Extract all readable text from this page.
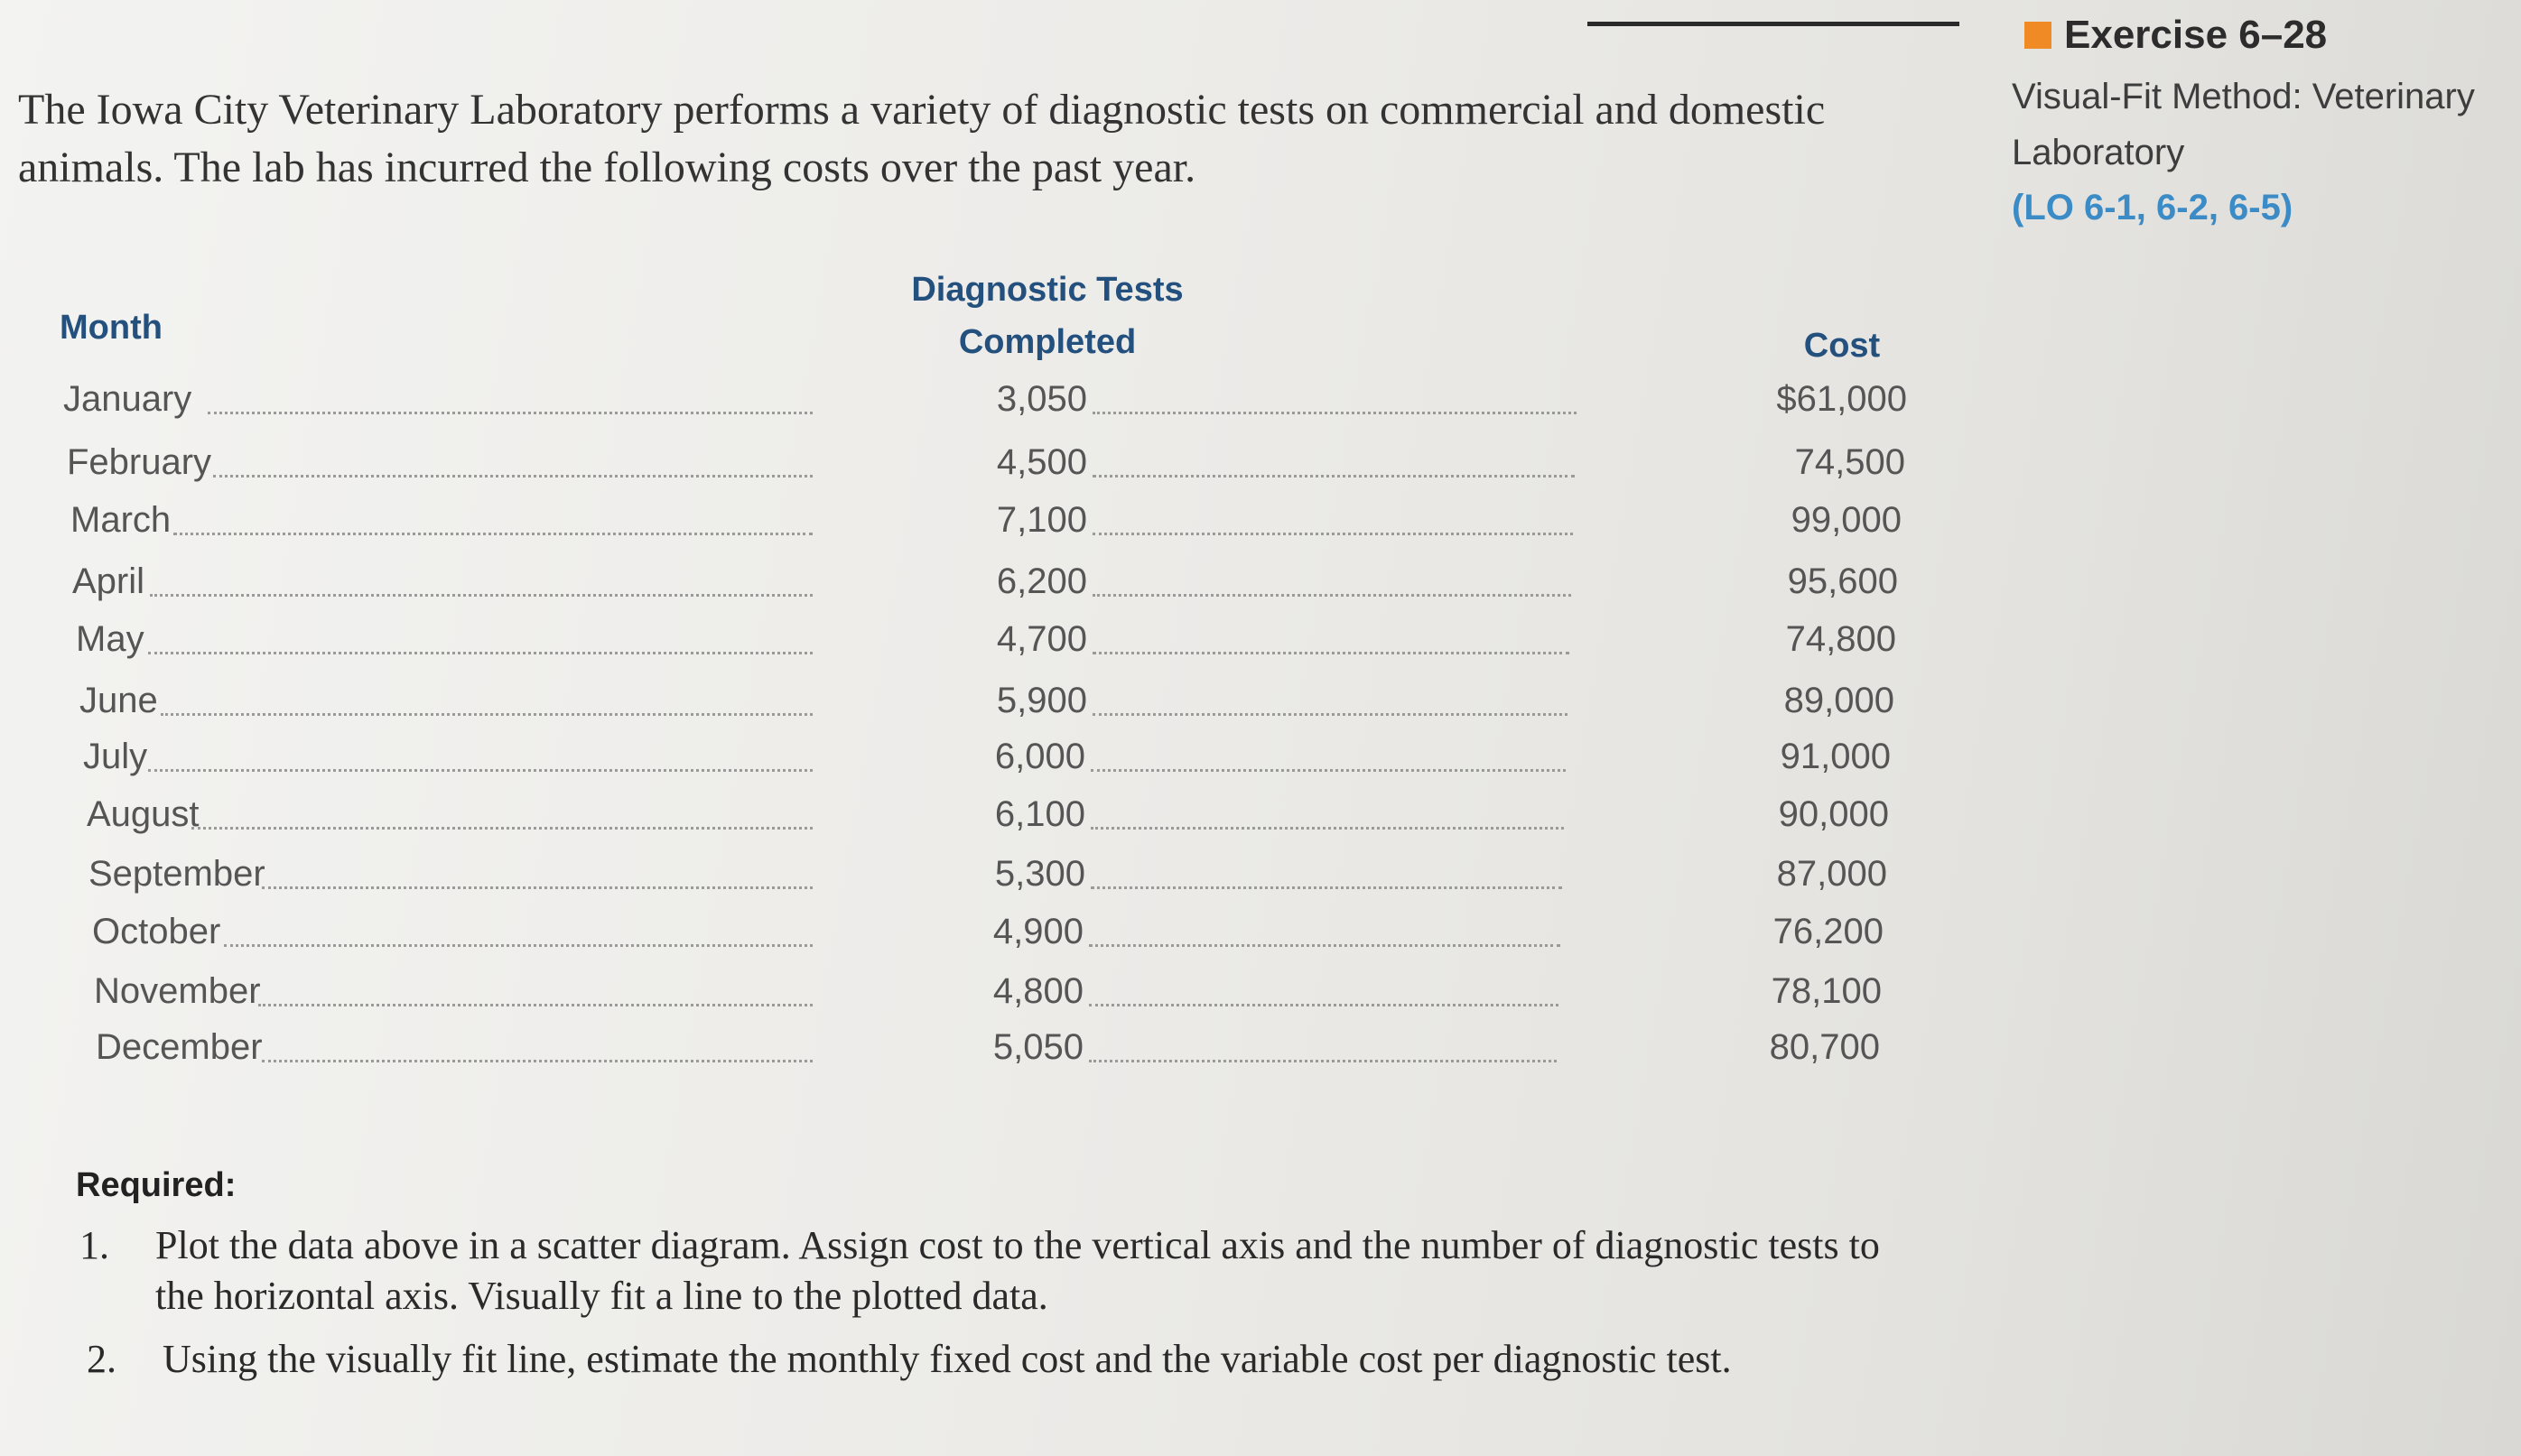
The Iowa City Veterinary Laboratory performs a variety of diagnostic tests on commercial and domestic animals. The lab has incurred the following costs over the past year.

Exercise 6–28
Visual-Fit Method: Veterinary Laboratory
(LO 6-1, 6-2, 6-5)
Month
Diagnostic Tests Completed	Cost
January	3,050	$61,000
February	4,500	74,500
March	7,100	99,000
April	6,200	95,600
May	4,700	74,800
June	5,900	89,000
July	6,000	91,000
August	6,100	90,000
September	5,300	87,000
October	4,900	76,200
November	4,800	78,100
December	5,050	80,700
Required:
1. Plot the data above in a scatter diagram. Assign cost to the vertical axis and the number of diagnostic tests to the horizontal axis. Visually fit a line to the plotted data.
2. Using the visually fit line, estimate the monthly fixed cost and the variable cost per diagnostic test.
